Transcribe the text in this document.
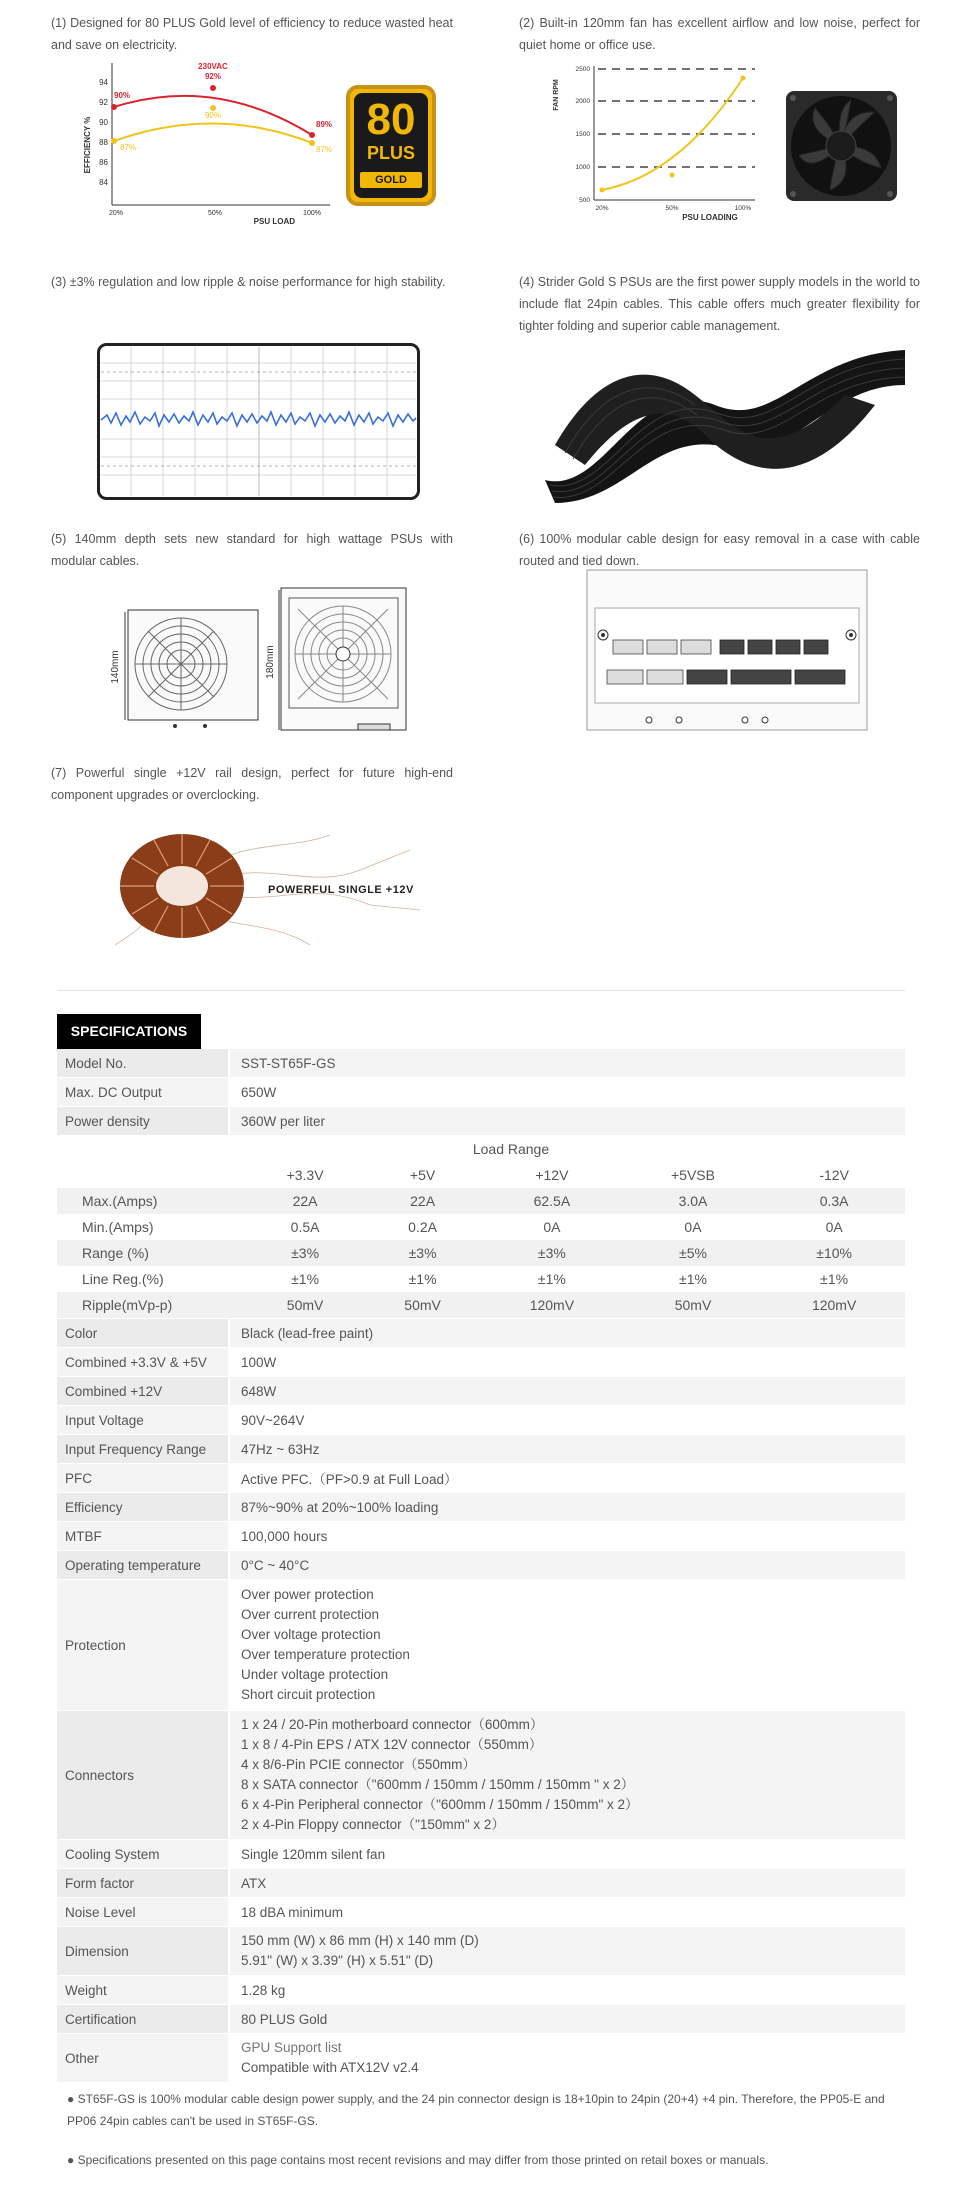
(1) Designed for 80 PLUS Gold level of efficiency to reduce wasted heat and save on electricity.
(2) Built-in 120mm fan has excellent airflow and low noise, perfect for quiet home or office use.
(3) ±3% regulation and low ripple & noise performance for high stability.	(4) Strider Gold S PSUs are the first power supply models in the world to include flat 24pin cables. This cable offers much greater flexibility for tighter folding and superior cable management.
(5) 140mm depth sets new standard for high wattage PSUs with modular cables.
(6) 100% modular cable design for easy removal in a case with cable routed and tied down.
(7) Powerful single +12V rail design, perfect for future high-end component upgrades or overclocking.
EFFICIENCY %
94
92
90
88
86
84
20%	50%	100%
PSU LOAD
230VAC
90%
92%
89%
87%
90%
87%
80
PLUS
GOLD
FAN RPM
2500
2000
1500
1000
500
20%	50%	100%
PSU LOADING
140mm	180mm
POWERFUL SINGLE +12V
SPECIFICATIONS
Model No.	SST-ST65F-GS
Max. DC Output	650W
Power density	360W per liter

Load Range
	+3.3V	+5V	+12V	+5VSB	-12V
Max.(Amps)	22A	22A	62.5A	3.0A	0.3A
Min.(Amps)	0.5A	0.2A	0A	0A	0A
Range (%)	±3%	±3%	±3%	±5%	±10%
Line Reg.(%)	±1%	±1%	±1%	±1%	±1%
Ripple(mVp-p)	50mV	50mV	120mV	50mV	120mV

Color	Black (lead-free paint)
Combined +3.3V & +5V	100W
Combined +12V	648W
Input Voltage	90V~264V
Input Frequency Range	47Hz ~ 63Hz
PFC	Active PFC.（PF>0.9 at Full Load）
Efficiency	87%~90% at 20%~100% loading
MTBF	100,000 hours
Operating temperature	0°C ~ 40°C
Protection	
Over power protection
Over current protection
Over voltage protection
Over temperature protection
Under voltage protection
Short circuit protection

Connectors	
1 x 24 / 20-Pin motherboard connector（600mm）
1 x 8 / 4-Pin EPS / ATX 12V connector（550mm）
4 x 8/6-Pin PCIE connector（550mm）
8 x SATA connector（"600mm / 150mm / 150mm / 150mm " x 2）
6 x 4-Pin Peripheral connector（"600mm / 150mm / 150mm" x 2）
2 x 4-Pin Floppy connector（"150mm" x 2）

Cooling System	Single 120mm silent fan
Form factor	ATX
Noise Level	18 dBA minimum
Dimension	
150 mm (W) x 86 mm (H) x 140 mm (D)
5.91" (W) x 3.39" (H) x 5.51" (D)

Weight	1.28 kg
Certification	80 PLUS Gold
Other	
GPU Support list
Compatible with ATX12V v2.4
● ST65F-GS is 100% modular cable design power supply, and the 24 pin connector design is 18+10pin to 24pin (20+4) +4 pin. Therefore, the PP05-E and PP06 24pin cables can't be used in ST65F-GS.
● Specifications presented on this page contains most recent revisions and may differ from those printed on retail boxes or manuals.
